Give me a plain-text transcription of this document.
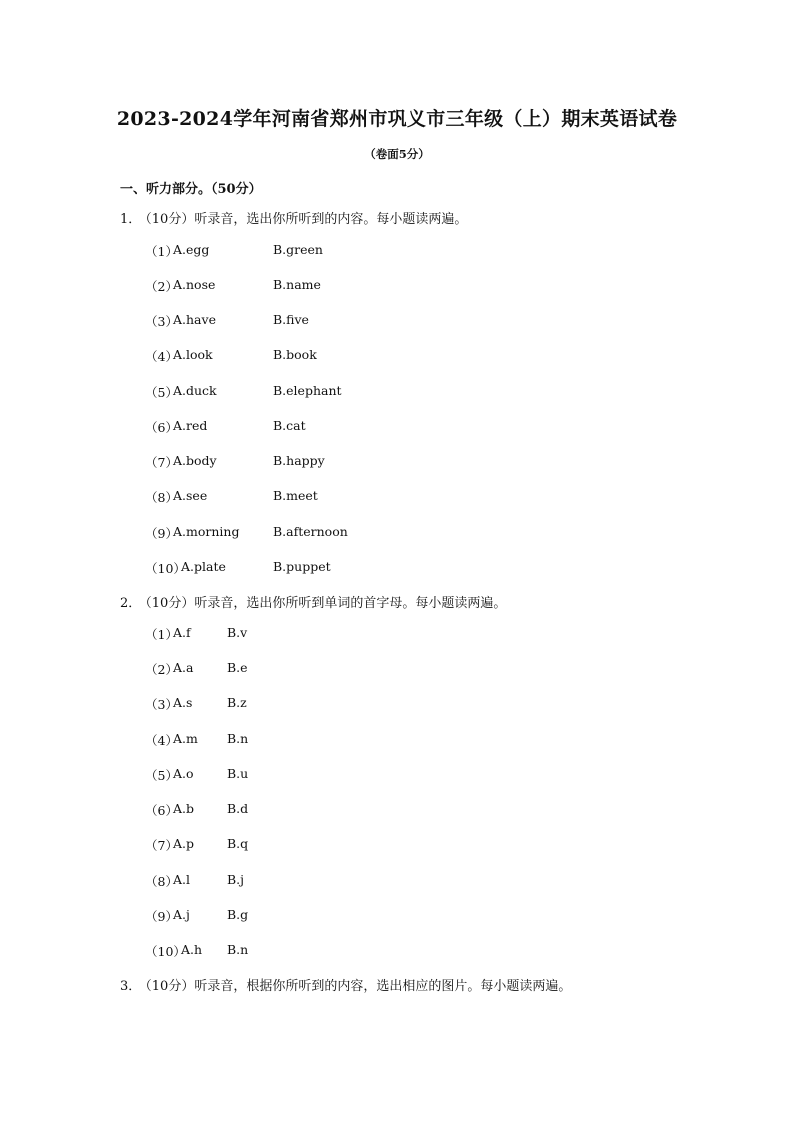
2023-2024学年河南省郑州市巩义市三年级（上）期末英语试卷
（卷面5分）
一、听力部分。（50分）
1． （10分）听录音，选出你所听到的内容。每小题读两遍。
（1）
A.egg	B.green
（2）
A.nose	B.name
（3）
A.have	B.five
（4）
A.look	B.book
（5）
A.duck	B.elephant
（6）
A.red	B.cat
（7）
A.body	B.happy
（8）
A.see	B.meet
（9）
A.morning	B.afternoon
（10）
A.plate	B.puppet
2． （10分）听录音，选出你所听到单词的首字母。每小题读两遍。
（1）
A.f	B.v
（2）
A.a	B.e
（3）
A.s	B.z
（4）
A.m B.n
（5）
A.o	B.u
（6）
A.b	B.d
（7）
A.p	B.q
（8）
A.l	B.j
（9）
A.j	B.g
（10）
A.h B.n
3． （10分）听录音，根据你所听到的内容，选出相应的图片。每小题读两遍。
